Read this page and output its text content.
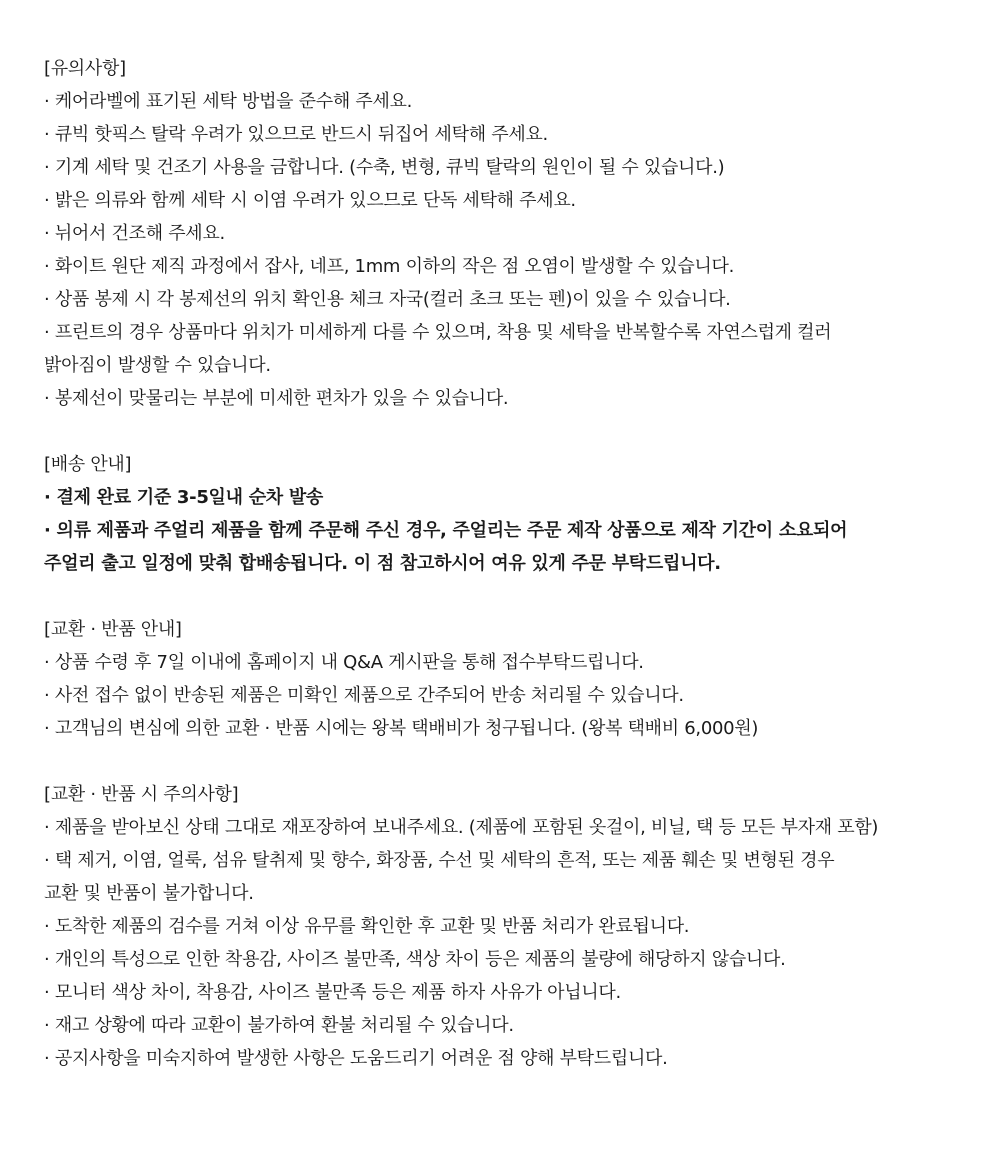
[유의사항]
· 케어라벨에 표기된 세탁 방법을 준수해 주세요.
· 큐빅 핫픽스 탈락 우려가 있으므로 반드시 뒤집어 세탁해 주세요.
· 기계 세탁 및 건조기 사용을 금합니다. (수축, 변형, 큐빅 탈락의 원인이 될 수 있습니다.)
· 밝은 의류와 함께 세탁 시 이염 우려가 있으므로 단독 세탁해 주세요.
· 뉘어서 건조해 주세요.
· 화이트 원단 제직 과정에서 잡사, 네프, 1mm 이하의 작은 점 오염이 발생할 수 있습니다.
· 상품 봉제 시 각 봉제선의 위치 확인용 체크 자국(컬러 초크 또는 펜)이 있을 수 있습니다.
· 프린트의 경우 상품마다 위치가 미세하게 다를 수 있으며, 착용 및 세탁을 반복할수록 자연스럽게 컬러
밝아짐이 발생할 수 있습니다.
· 봉제선이 맞물리는 부분에 미세한 편차가 있을 수 있습니다.
[배송 안내]
· 결제 완료 기준 3-5일내 순차 발송
· 의류 제품과 주얼리 제품을 함께 주문해 주신 경우, 주얼리는 주문 제작 상품으로 제작 기간이 소요되어
주얼리 출고 일정에 맞춰 합배송됩니다. 이 점 참고하시어 여유 있게 주문 부탁드립니다.
[교환 · 반품 안내]
· 상품 수령 후 7일 이내에 홈페이지 내 Q&A 게시판을 통해 접수부탁드립니다.
· 사전 접수 없이 반송된 제품은 미확인 제품으로 간주되어 반송 처리될 수 있습니다.
· 고객님의 변심에 의한 교환 · 반품 시에는 왕복 택배비가 청구됩니다. (왕복 택배비 6,000원)
[교환 · 반품 시 주의사항]
· 제품을 받아보신 상태 그대로 재포장하여 보내주세요. (제품에 포함된 옷걸이, 비닐, 택 등 모든 부자재 포함)
· 택 제거, 이염, 얼룩, 섬유 탈취제 및 향수, 화장품, 수선 및 세탁의 흔적, 또는 제품 훼손 및 변형된 경우
교환 및 반품이 불가합니다.
· 도착한 제품의 검수를 거쳐 이상 유무를 확인한 후 교환 및 반품 처리가 완료됩니다.
· 개인의 특성으로 인한 착용감, 사이즈 불만족, 색상 차이 등은 제품의 불량에 해당하지 않습니다.
· 모니터 색상 차이, 착용감, 사이즈 불만족 등은 제품 하자 사유가 아닙니다.
· 재고 상황에 따라 교환이 불가하여 환불 처리될 수 있습니다.
· 공지사항을 미숙지하여 발생한 사항은 도움드리기 어려운 점 양해 부탁드립니다.
